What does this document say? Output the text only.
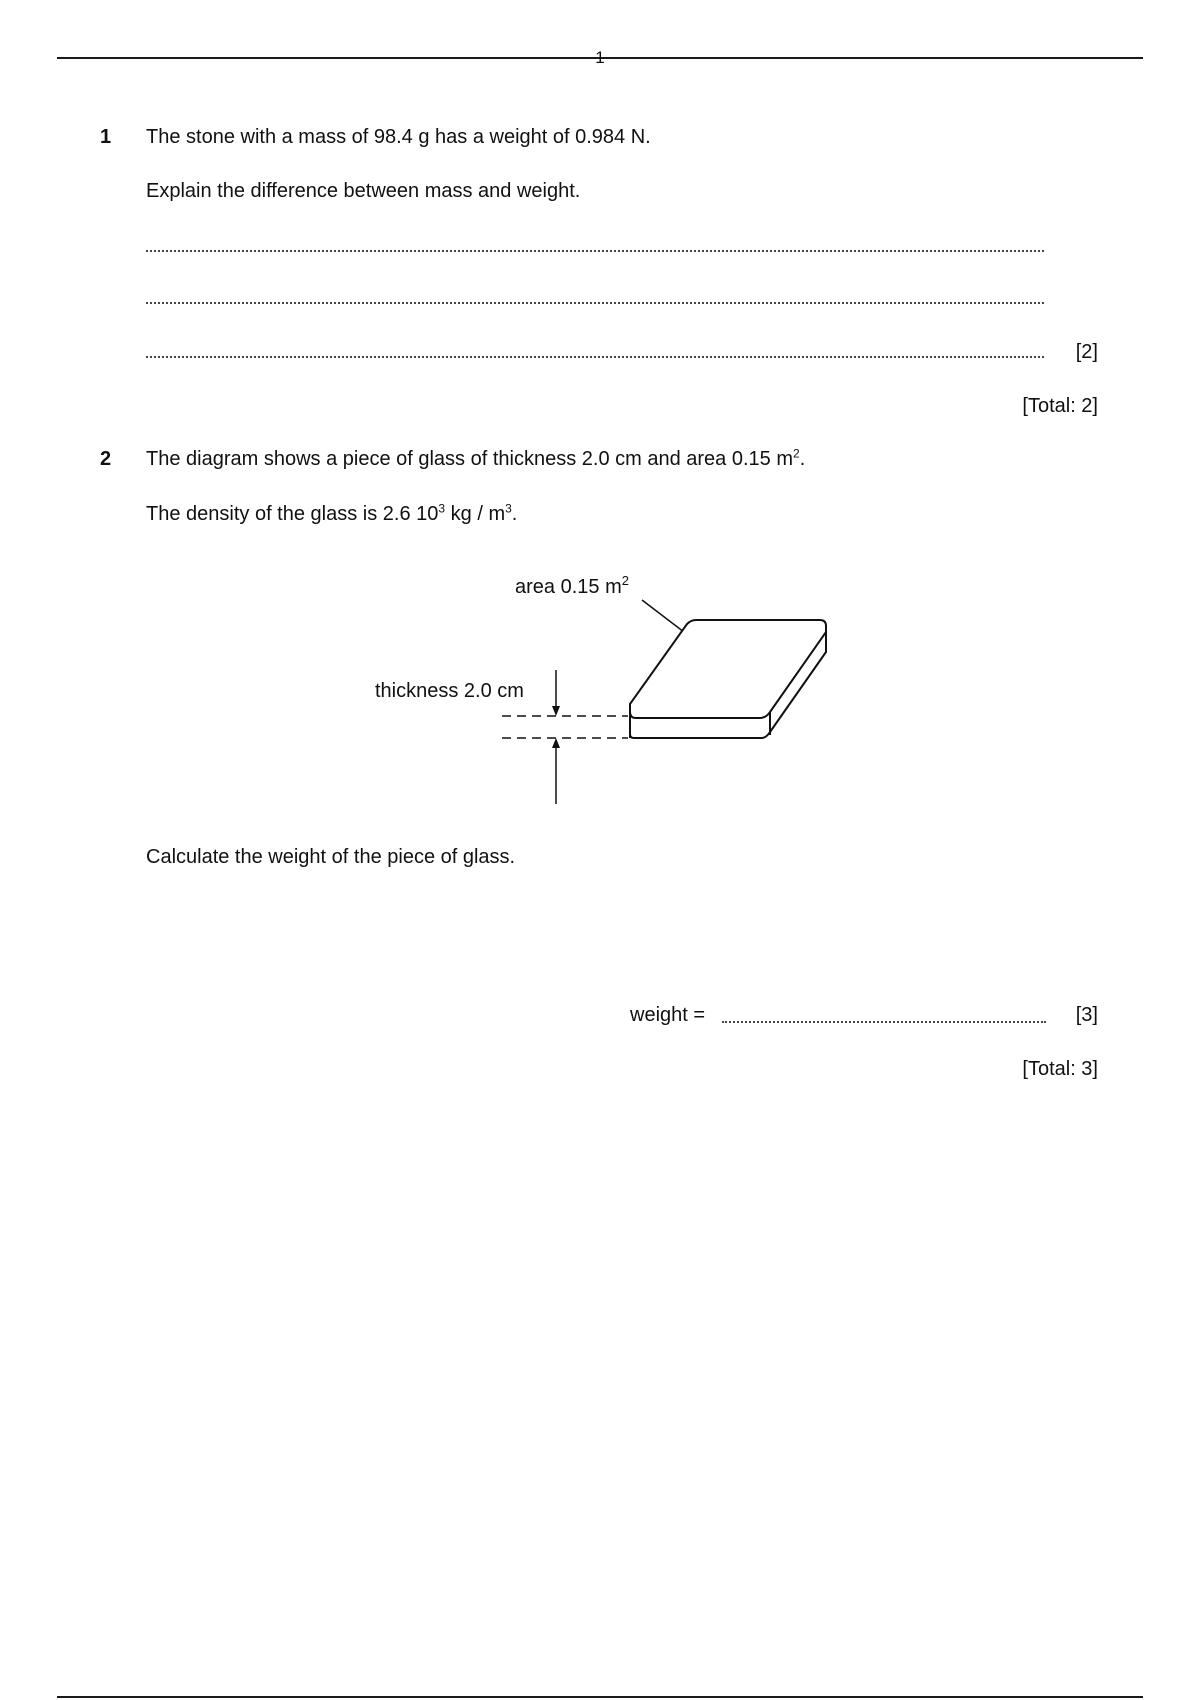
1
1 The stone with a mass of 98.4 g has a weight of 0.984 N.
Explain the difference between mass and weight.
[2]
[Total: 2]
2 The diagram shows a piece of glass of thickness 2.0 cm and area 0.15 $m^2$.
The density of the glass is 2.6 $10^3$ kg / $m^3$.
area 0.15 $m^2$
thickness 2.0 cm
Calculate the weight of the piece of glass.
weight =	[3]
[Total: 3]
